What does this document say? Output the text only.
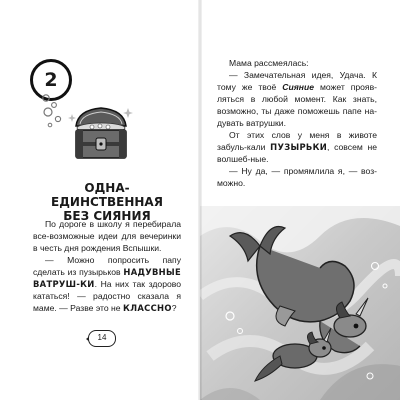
2
ОДНА-ЕДИНСТВЕННАЯ
БЕЗ СИЯНИЯ

По дороге в школу я перебирала все-возможные идеи для вечеринки в честь дня рождения Вспышки.

— Можно попросить папу сделать из пузырьков НАДУВНЫЕ ВАТРУШ-КИ. На них так здорово кататься! — радостно сказала я маме. — Разве это не КЛАССНО?

14

Мама рассмеялась:

— Замечательная идея, Удача. К тому же твоё Сияние может прояв-ляться в любой момент. Как знать, возможно, ты даже поможешь папе на-дувать ватрушки.

От этих слов у меня в животе забуль-кали ПУЗЫРЬКИ, совсем не волшеб-ные.

— Ну да, — промямлила я, — воз-можно.
